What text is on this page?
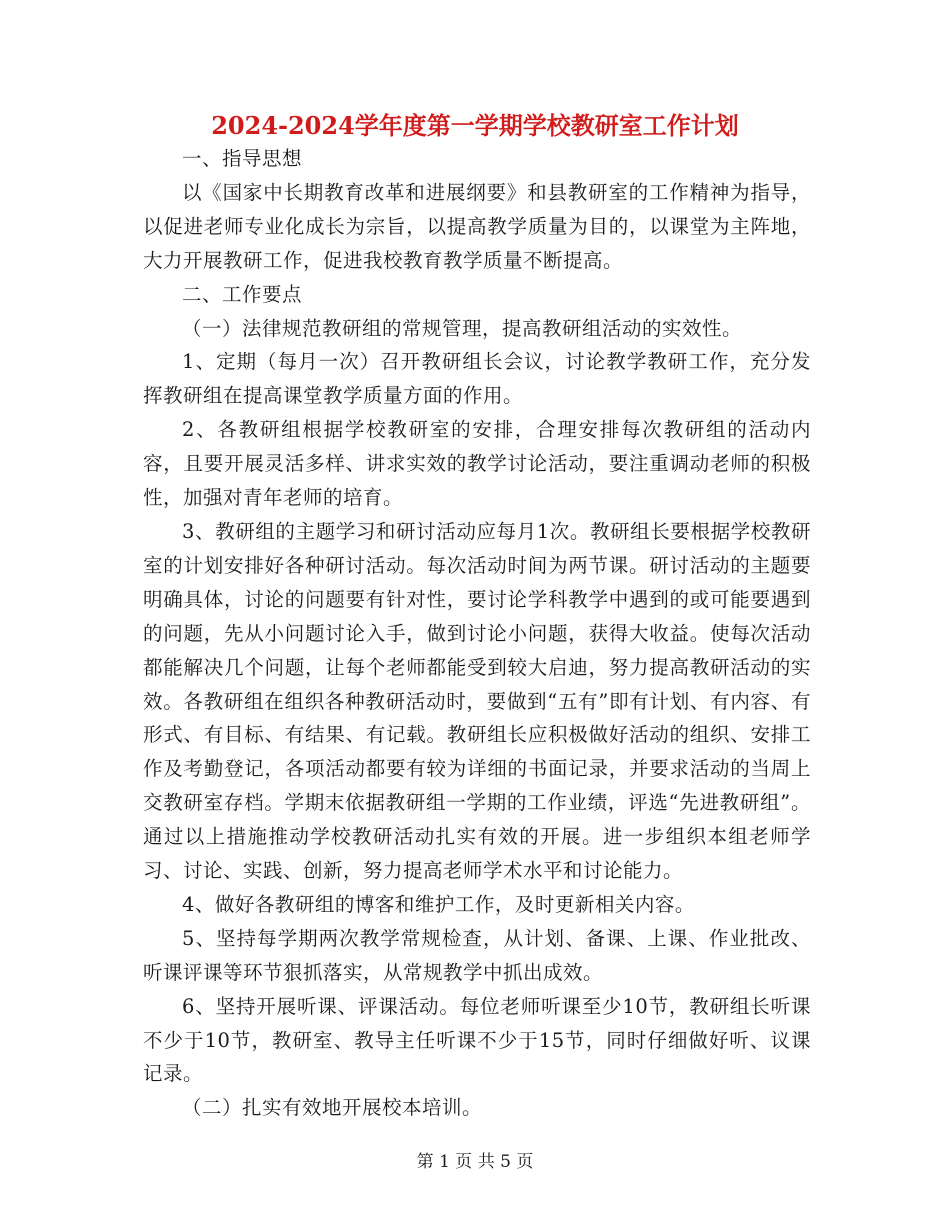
2024-2024学年度第一学期学校教研室工作计划

一、指导思想

以《国家中长期教育改革和进展纲要》和县教研室的工作精神为指导，以促进老师专业化成长为宗旨，以提高教学质量为目的，以课堂为主阵地，大力开展教研工作，促进我校教育教学质量不断提高。

二、工作要点

（一）法律规范教研组的常规管理，提高教研组活动的实效性。

1、定期（每月一次）召开教研组长会议，讨论教学教研工作，充分发挥教研组在提高课堂教学质量方面的作用。

2、各教研组根据学校教研室的安排，合理安排每次教研组的活动内容，且要开展灵活多样、讲求实效的教学讨论活动，要注重调动老师的积极性，加强对青年老师的培育。

3、教研组的主题学习和研讨活动应每月1次。教研组长要根据学校教研室的计划安排好各种研讨活动。每次活动时间为两节课。研讨活动的主题要明确具体，讨论的问题要有针对性，要讨论学科教学中遇到的或可能要遇到的问题，先从小问题讨论入手，做到讨论小问题，获得大收益。使每次活动都能解决几个问题，让每个老师都能受到较大启迪，努力提高教研活动的实效。各教研组在组织各种教研活动时，要做到“五有”即有计划、有内容、有形式、有目标、有结果、有记载。教研组长应积极做好活动的组织、安排工作及考勤登记，各项活动都要有较为详细的书面记录，并要求活动的当周上交教研室存档。学期末依据教研组一学期的工作业绩，评选“先进教研组”。通过以上措施推动学校教研活动扎实有效的开展。进一步组织本组老师学习、讨论、实践、创新，努力提高老师学术水平和讨论能力。

4、做好各教研组的博客和维护工作，及时更新相关内容。

5、坚持每学期两次教学常规检查，从计划、备课、上课、作业批改、听课评课等环节狠抓落实，从常规教学中抓出成效。

6、坚持开展听课、评课活动。每位老师听课至少10节，教研组长听课不少于10节，教研室、教导主任听课不少于15节，同时仔细做好听、议课记录。

（二）扎实有效地开展校本培训。

第 1 页 共 5 页
